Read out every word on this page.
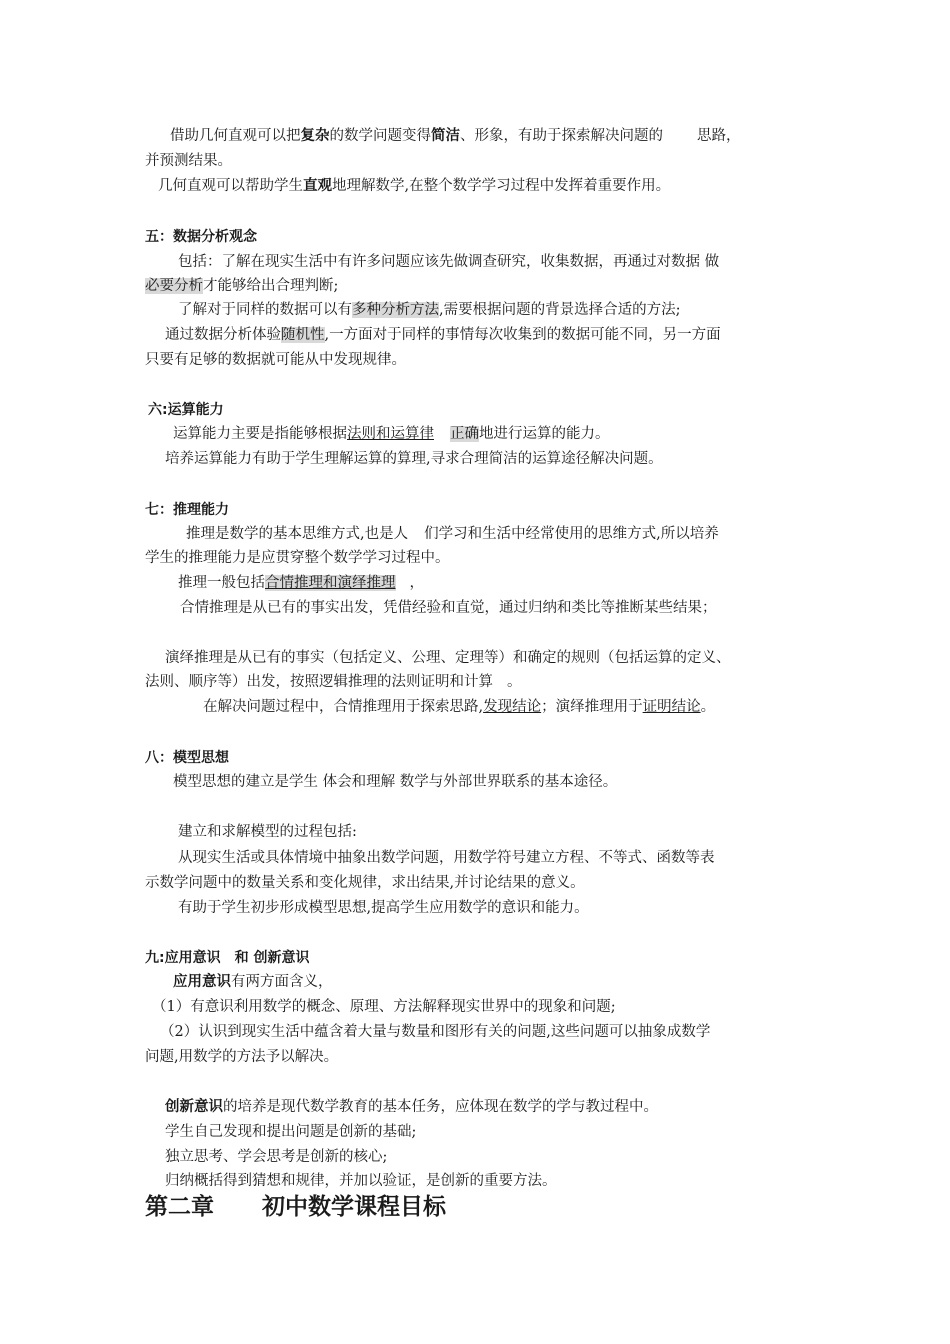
借助几何直观可以把复杂的数学问题变得简洁、形象，有助于探索解决问题的 思路，
并预测结果。
几何直观可以帮助学生直观地理解数学,在整个数学学习过程中发挥着重要作用。
五：数据分析观念
包括：了解在现实生活中有许多问题应该先做调查研究，收集数据，再通过对数据 做
必要分析才能够给出合理判断;
了解对于同样的数据可以有多种分析方法,需要根据问题的背景选择合适的方法;
通过数据分析体验随机性,一方面对于同样的事情每次收集到的数据可能不同，另一方面
只要有足够的数据就可能从中发现规律。
六:运算能力
运算能力主要是指能够根据法则和运算律 正确地进行运算的能力。
培养运算能力有助于学生理解运算的算理,寻求合理简洁的运算途径解决问题。
七：推理能力
推理是数学的基本思维方式,也是人 们学习和生活中经常使用的思维方式,所以培养
学生的推理能力是应贯穿整个数学学习过程中。
推理一般包括合情推理和演绎推理 ，
合情推理是从已有的事实出发，凭借经验和直觉，通过归纳和类比等推断某些结果；
演绎推理是从已有的事实（包括定义、公理、定理等）和确定的规则（包括运算的定义、
法则、顺序等）出发，按照逻辑推理的法则证明和计算 。
在解决问题过程中，合情推理用于探索思路,发现结论；演绎推理用于证明结论。
八：模型思想
模型思想的建立是学生 体会和理解 数学与外部世界联系的基本途径。
建立和求解模型的过程包括:
从现实生活或具体情境中抽象出数学问题，用数学符号建立方程、不等式、函数等表
示数学问题中的数量关系和变化规律，求出结果,并讨论结果的意义。
有助于学生初步形成模型思想,提高学生应用数学的意识和能力。
九:应用意识　和 创新意识
应用意识有两方面含义，
（1）有意识利用数学的概念、原理、方法解释现实世界中的现象和问题;
（2）认识到现实生活中蕴含着大量与数量和图形有关的问题,这些问题可以抽象成数学
问题,用数学的方法予以解决。
创新意识的培养是现代数学教育的基本任务，应体现在数学的学与教过程中。
学生自己发现和提出问题是创新的基础;
独立思考、学会思考是创新的核心;
归纳概括得到猜想和规律，并加以验证，是创新的重要方法。
第二章 初中数学课程目标
